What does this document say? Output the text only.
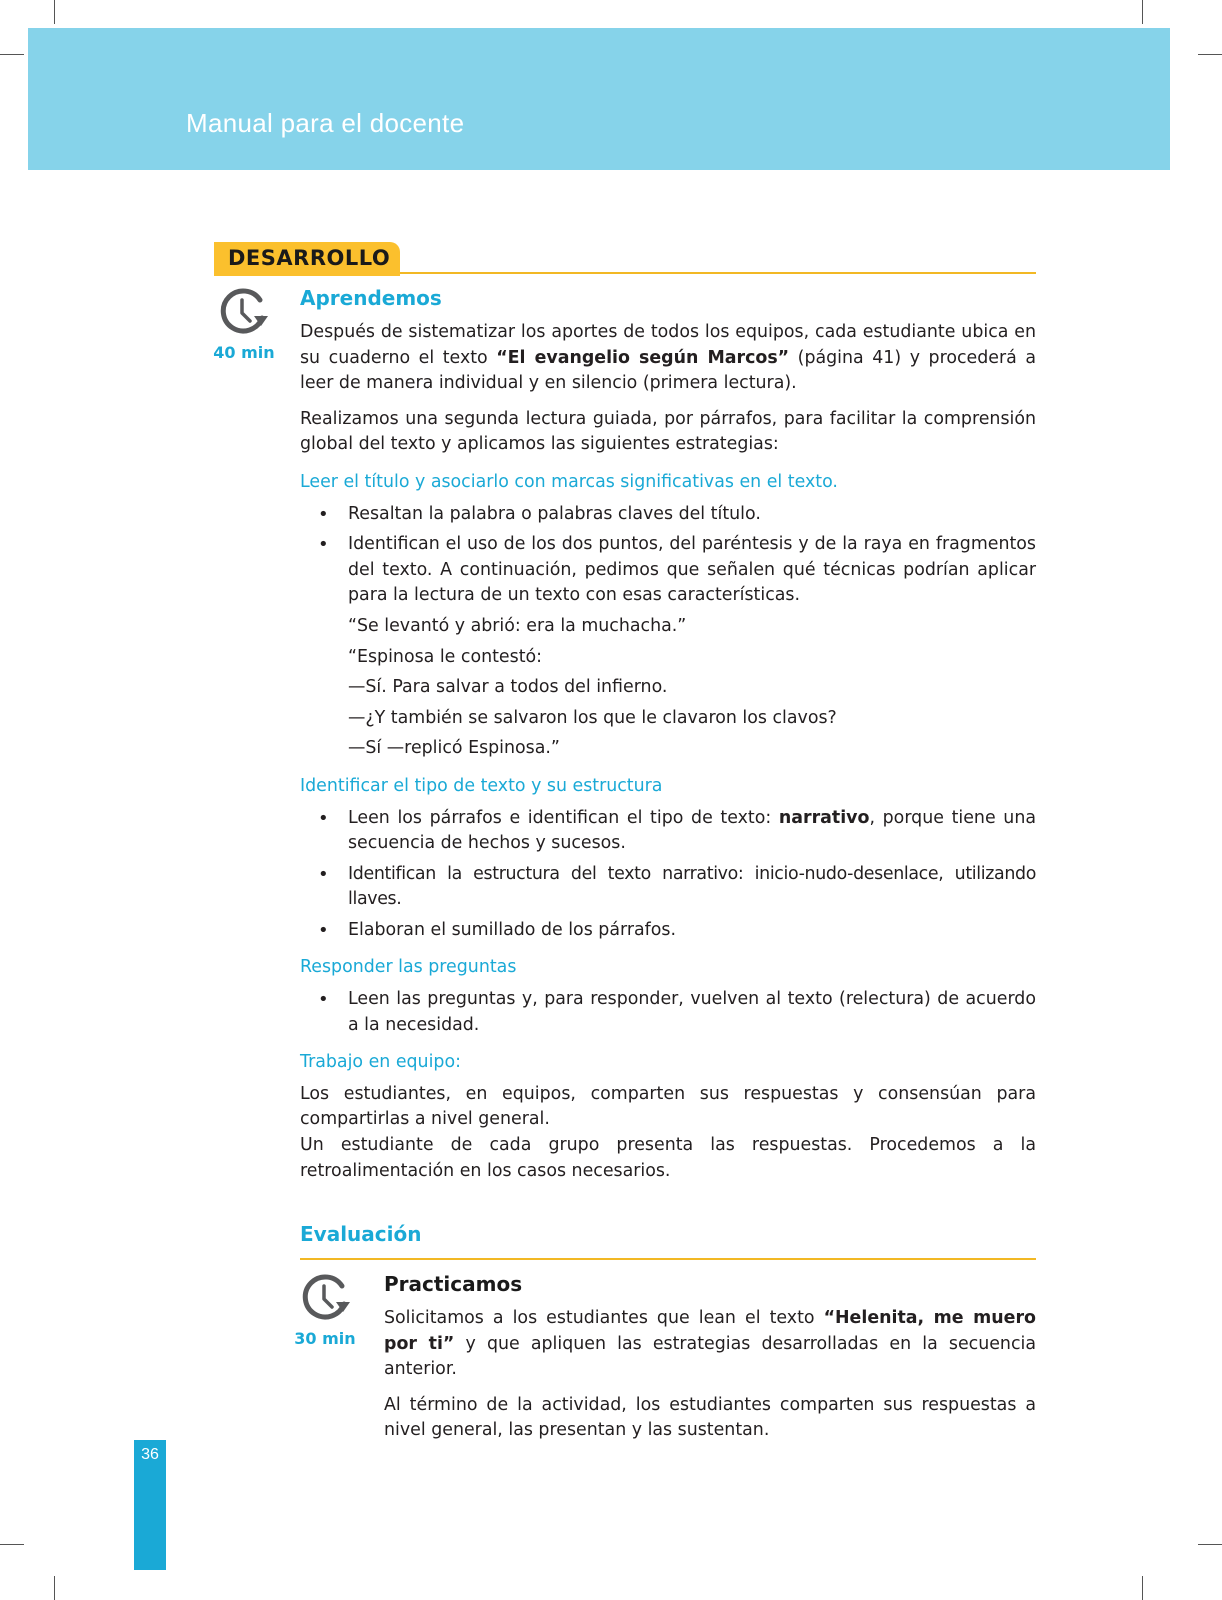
Manual para el docente
DESARROLLO
40 min
Aprendemos

Después de sistematizar los aportes de todos los equipos, cada estudiante ubica en su cuaderno el texto “El evangelio según Marcos” (página 41) y procederá a leer de manera individual y en silencio (primera lectura).

Realizamos una segunda lectura guiada, por párrafos, para facilitar la comprensión global del texto y aplicamos las siguientes estrategias:

Leer el título y asociarlo con marcas significativas en el texto.

• Resaltan la palabra o palabras claves del título.
• Identifican el uso de los dos puntos, del paréntesis y de la raya en fragmentos del texto. A continuación, pedimos que señalen qué técnicas podrían aplicar para la lectura de un texto con esas características.

“Se levantó y abrió: era la muchacha.”

“Espinosa le contestó:

—Sí. Para salvar a todos del infierno.

—¿Y también se salvaron los que le clavaron los clavos?

—Sí —replicó Espinosa.”

Identificar el tipo de texto y su estructura

• Leen los párrafos e identifican el tipo de texto: narrativo, porque tiene una secuencia de hechos y sucesos.
• Identifican la estructura del texto narrativo: inicio-nudo-desenlace, utilizando llaves.
• Elaboran el sumillado de los párrafos.

Responder las preguntas

• Leen las preguntas y, para responder, vuelven al texto (relectura) de acuerdo a la necesidad.

Trabajo en equipo:

Los estudiantes, en equipos, comparten sus respuestas y consensúan para compartirlas a nivel general.

Un estudiante de cada grupo presenta las respuestas. Procedemos a la retroalimentación en los casos necesarios.

Evaluación
30 min
Practicamos

Solicitamos a los estudiantes que lean el texto “Helenita, me muero por ti” y que apliquen las estrategias desarrolladas en la secuencia anterior.

Al término de la actividad, los estudiantes comparten sus respuestas a nivel general, las presentan y las sustentan.

36
